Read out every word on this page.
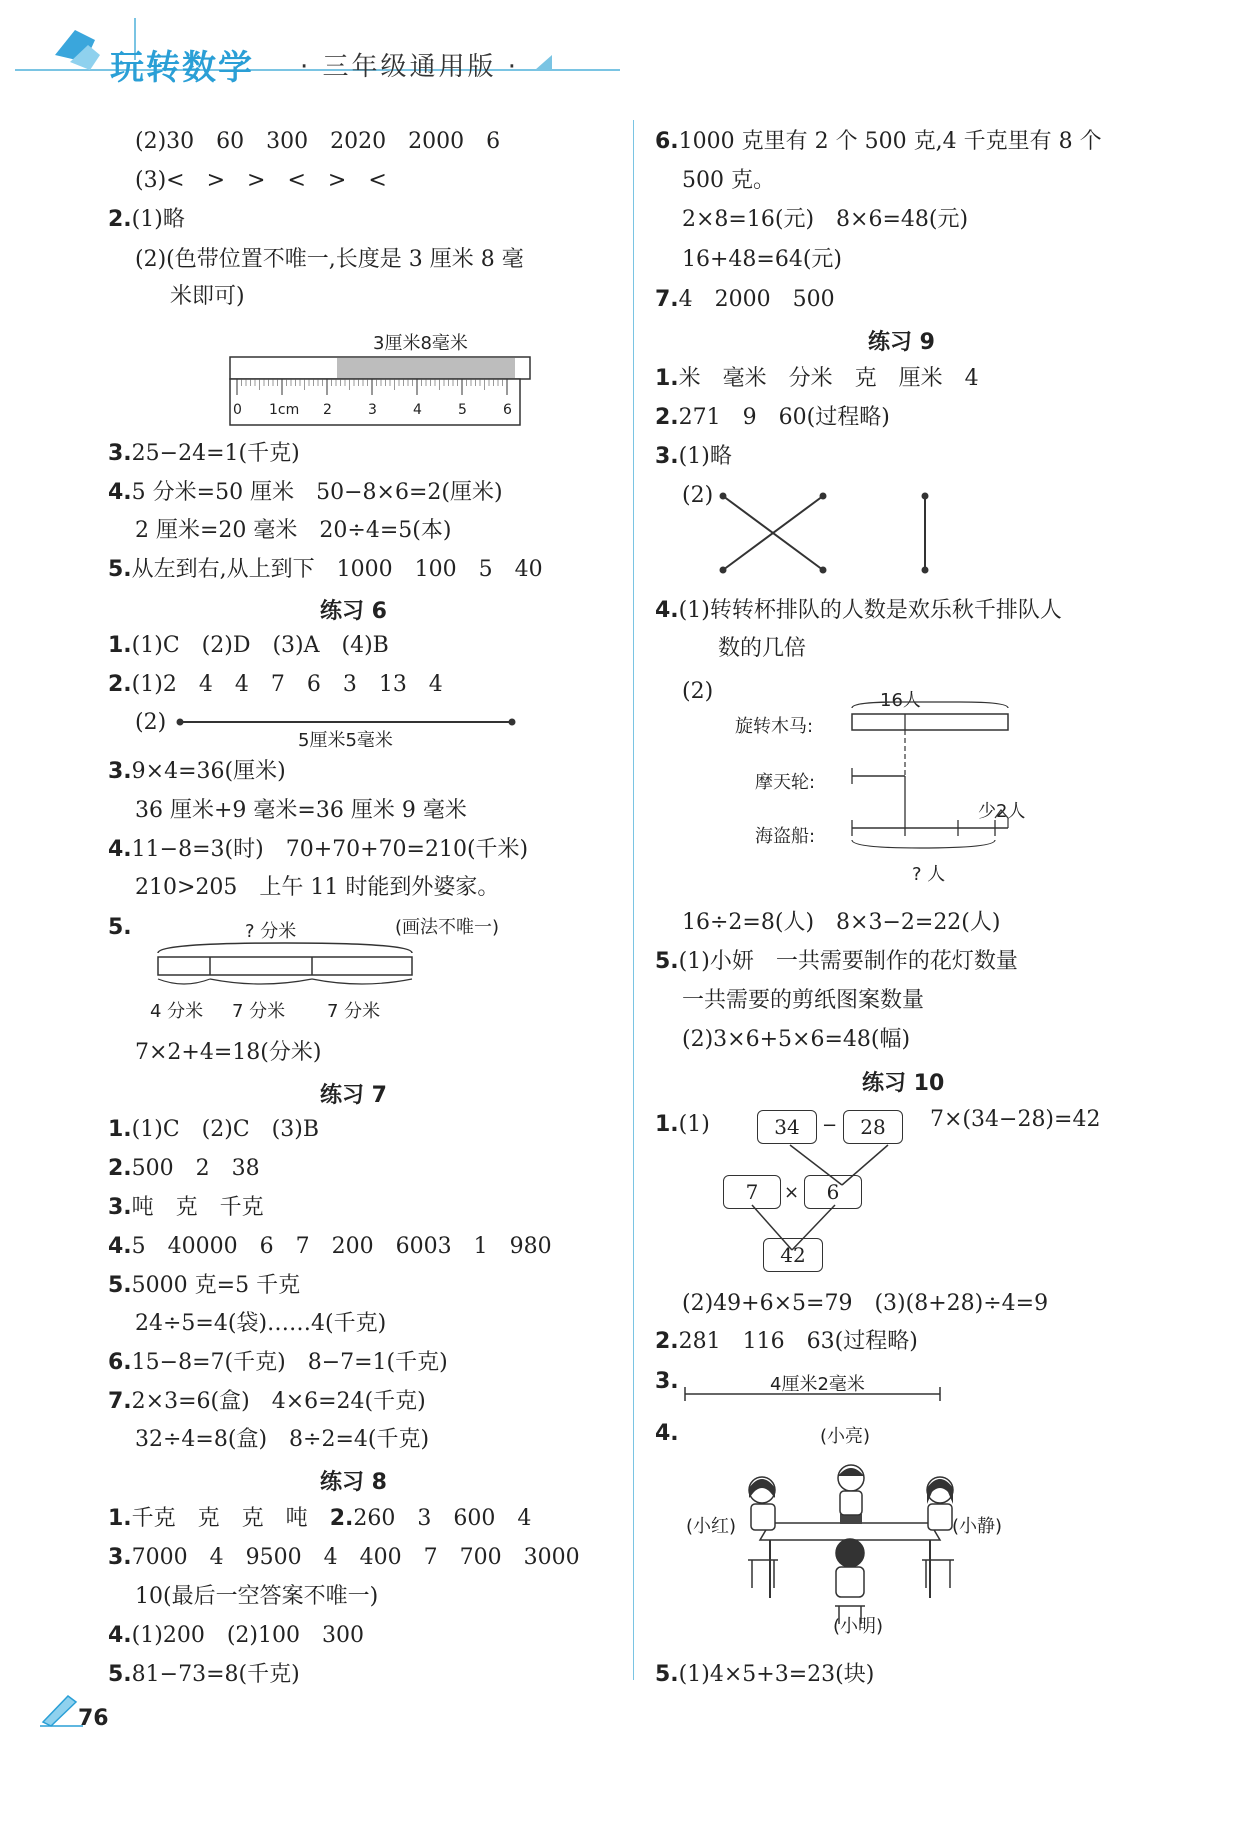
玩转数学 · 三年级通用版 ·
(2)30　60　300　2020　2000　6
(3)<　>　>　<　>　<
2.(1)略
(2)(色带位置不唯一,长度是 3 厘米 8 毫
米即可)
3厘米8毫米
0 1cm 2	3	4	5	6
3.25−24=1(千克)
4.5 分米=50 厘米　50−8×6=2(厘米)
2 厘米=20 毫米　20÷4=5(本)
5.从左到右,从上到下　1000　100　5　40
练习 6
1.(1)C　(2)D　(3)A　(4)B
2.(1)2　4　4　7　6　3　13　4
(2)
5厘米5毫米
3.9×4=36(厘米)
36 厘米+9 毫米=36 厘米 9 毫米
4.11−8=3(时)　70+70+70=210(千米)
210>205　上午 11 时能到外婆家。
5.	? 分米	(画法不唯一)
4 分米 7 分米 7 分米
7×2+4=18(分米)
练习 7
1.(1)C　(2)C　(3)B
2.500　2　38
3.吨　克　千克
4.5　40000　6　7　200　6003　1　980
5.5000 克=5 千克
24÷5=4(袋)……4(千克)
6.15−8=7(千克)　8−7=1(千克)
7.2×3=6(盒)　4×6=24(千克)
32÷4=8(盒)　8÷2=4(千克)
练习 8
1.千克　克　克　吨　2.260　3　600　4
3.7000　4　9500　4　400　7　700　3000
10(最后一空答案不唯一)
4.(1)200　(2)100　300
5.81−73=8(千克)
6.1000 克里有 2 个 500 克,4 千克里有 8 个
500 克。
2×8=16(元)　8×6=48(元)
16+48=64(元)
7.4　2000　500
练习 9
1.米　毫米　分米　克　厘米　4
2.271　9　60(过程略)
3.(1)略
(2)
4.(1)转转杯排队的人数是欢乐秋千排队人
数的几倍
(2)	16人
旋转木马:
摩天轮:
海盗船:
少2人
? 人
16÷2=8(人)　8×3−2=22(人)
5.(1)小妍　一共需要制作的花灯数量
一共需要的剪纸图案数量
(2)3×6+5×6=48(幅)
练习 10
1.(1)	34	−	28
7	×	6
42
7×(34−28)=42
(2)49+6×5=79　(3)(8+28)÷4=9
2.281　116　63(过程略)
3.	4厘米2毫米
4.	(小亮)
(小红)	(小静)
(小明)
5.(1)4×5+3=23(块)
76
